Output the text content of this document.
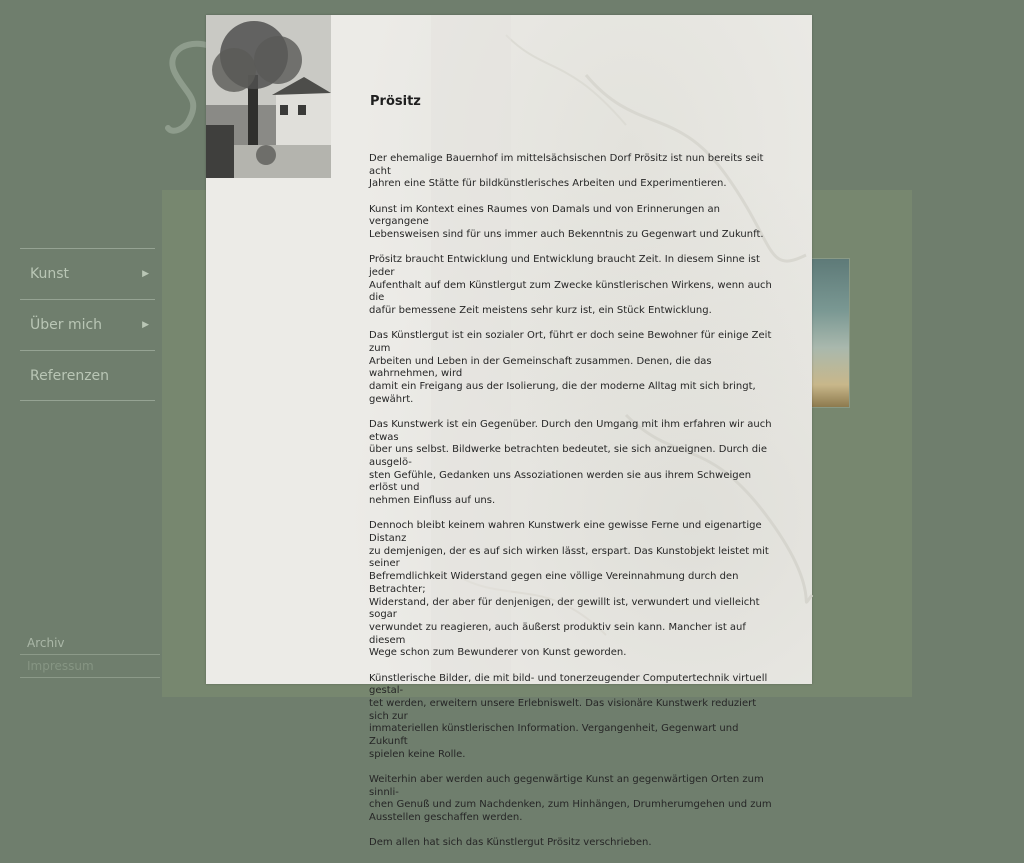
Kunst	▶
Über mich	▶
Referenzen
Archiv
Impressum
Prösitz

Der ehemalige Bauernhof im mittelsächsischen Dorf Prösitz ist nun bereits seit acht
Jahren eine Stätte für bildkünstlerisches Arbeiten und Experimentieren.

Kunst im Kontext eines Raumes von Damals und von Erinnerungen an vergangene
Lebensweisen sind für uns immer auch Bekenntnis zu Gegenwart und Zukunft.

Prösitz braucht Entwicklung und Entwicklung braucht Zeit. In diesem Sinne ist jeder
Aufenthalt auf dem Künstlergut zum Zwecke künstlerischen Wirkens, wenn auch die
dafür bemessene Zeit meistens sehr kurz ist, ein Stück Entwicklung.

Das Künstlergut ist ein sozialer Ort, führt er doch seine Bewohner für einige Zeit zum
Arbeiten und Leben in der Gemeinschaft zusammen. Denen, die das wahrnehmen, wird
damit ein Freigang aus der Isolierung, die der moderne Alltag mit sich bringt, gewährt.

Das Kunstwerk ist ein Gegenüber. Durch den Umgang mit ihm erfahren wir auch etwas
über uns selbst. Bildwerke betrachten bedeutet, sie sich anzueignen. Durch die ausgelö-
sten Gefühle, Gedanken uns Assoziationen werden sie aus ihrem Schweigen erlöst und
nehmen Einfluss auf uns.

Dennoch bleibt keinem wahren Kunstwerk eine gewisse Ferne und eigenartige Distanz
zu demjenigen, der es auf sich wirken lässt, erspart. Das Kunstobjekt leistet mit seiner
Befremdlichkeit Widerstand gegen eine völlige Vereinnahmung durch den Betrachter;
Widerstand, der aber für denjenigen, der gewillt ist, verwundert und vielleicht sogar
verwundet zu reagieren, auch äußerst produktiv sein kann. Mancher ist auf diesem
Wege schon zum Bewunderer von Kunst geworden.

Künstlerische Bilder, die mit bild- und tonerzeugender Computertechnik virtuell gestal-
tet werden, erweitern unsere Erlebniswelt. Das visionäre Kunstwerk reduziert sich zur
immateriellen künstlerischen Information. Vergangenheit, Gegenwart und Zukunft
spielen keine Rolle.

Weiterhin aber werden auch gegenwärtige Kunst an gegenwärtigen Orten zum sinnli-
chen Genuß und zum Nachdenken, zum Hinhängen, Drumherumgehen und zum
Ausstellen geschaffen werden.

Dem allen hat sich das Künstlergut Prösitz verschrieben.
